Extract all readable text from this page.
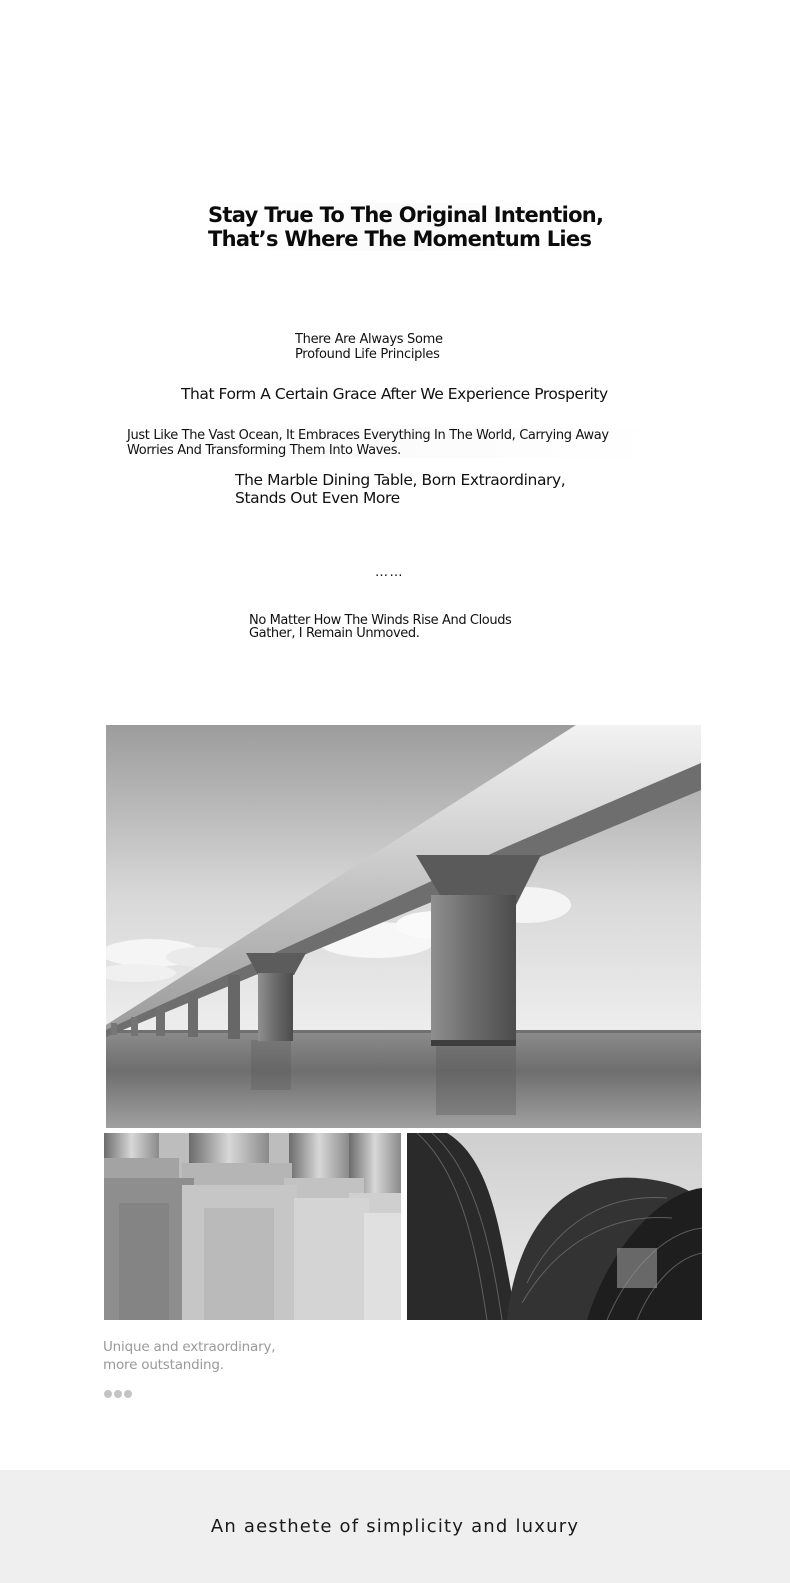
Stay True To The Original Intention,
That’s Where The Momentum Lies
There Are Always Some
Profound Life Principles
That Form A Certain Grace After We Experience Prosperity
Just Like The Vast Ocean, It Embraces Everything In The World, Carrying Away
Worries And Transforming Them Into Waves.
The Marble Dining Table, Born Extraordinary,
Stands Out Even More
……
No Matter How The Winds Rise And Clouds
Gather, I Remain Unmoved.
Unique and extraordinary,
more outstanding.
An aesthete of simplicity and luxury
